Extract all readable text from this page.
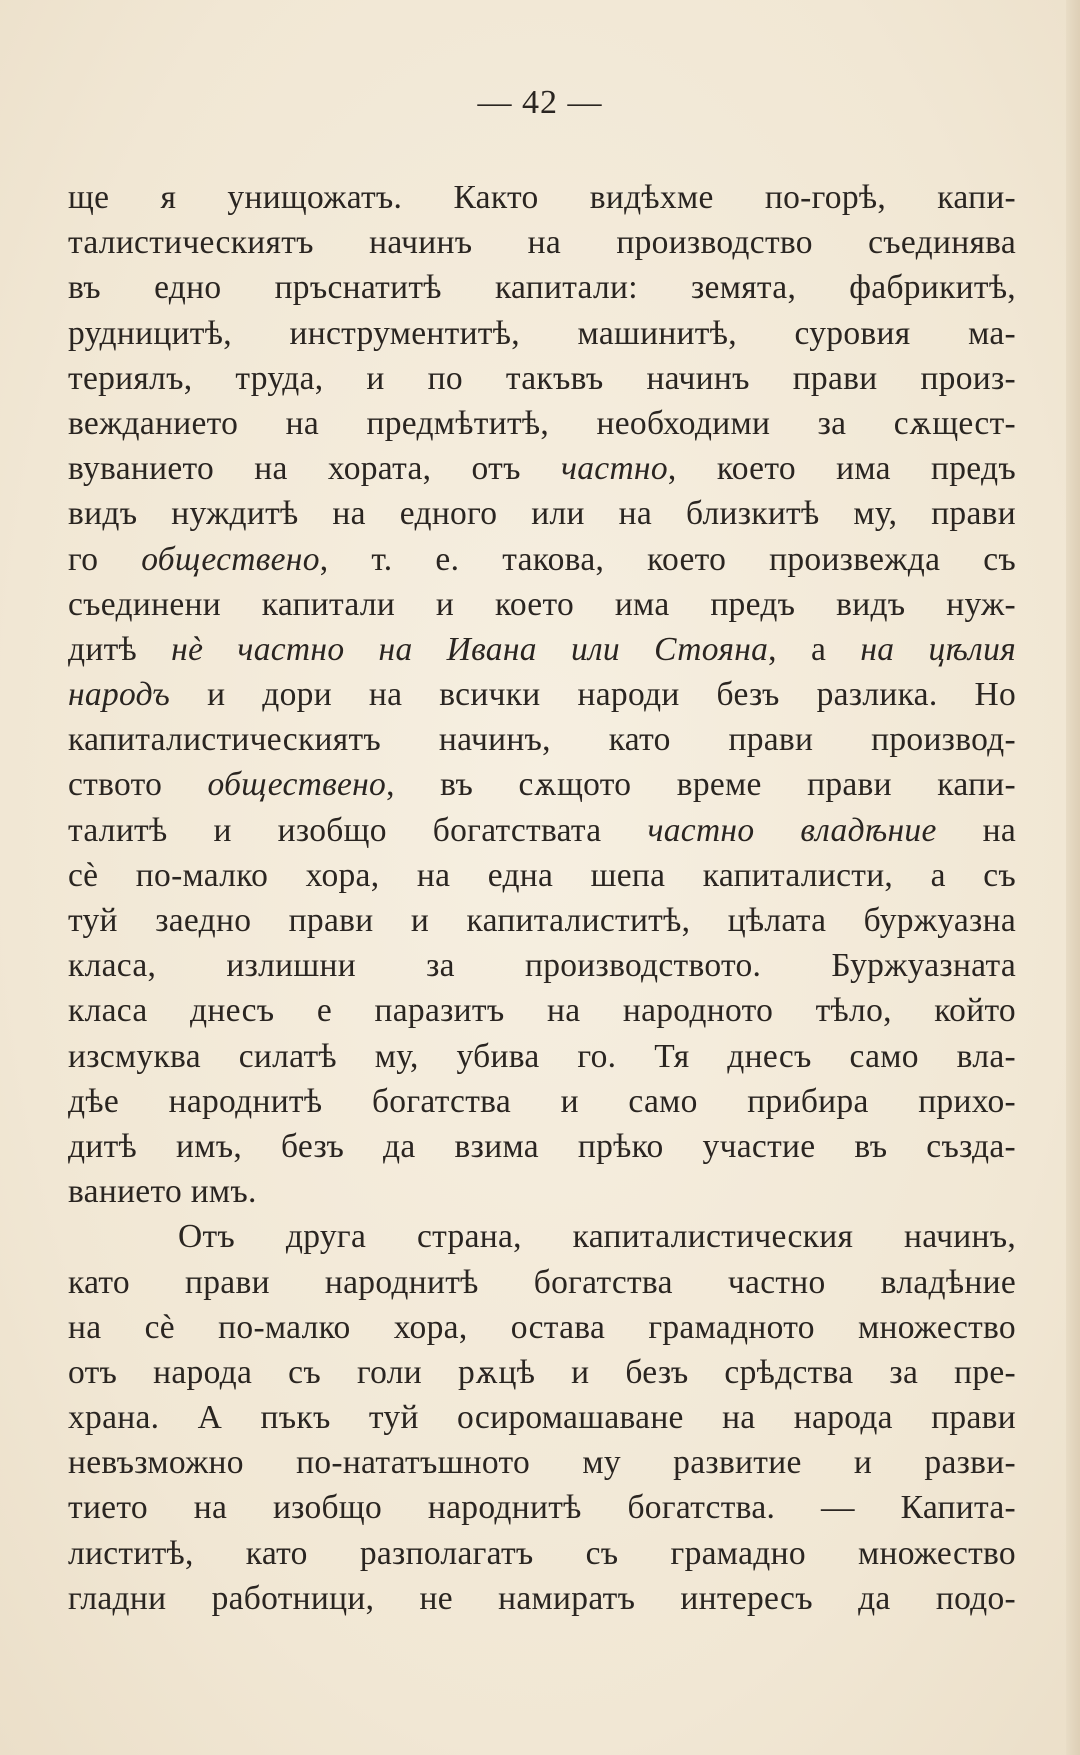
— 42 —
ще я унищожатъ. Както видѣхме по-горѣ, капи-
талистическиятъ начинъ на производство съединява
въ едно пръснатитѣ капитали: земята, фабрикитѣ,
рудницитѣ, инструментитѣ, машинитѣ, суровия ма-
териялъ, труда, и по такъвъ начинъ прави произ-
вежданието на предмѣтитѣ, необходими за сѫщест-
вуванието на хората, отъ частно, което има предъ
видъ нуждитѣ на едного или на близкитѣ му, прави
го обществено, т. е. такова, което произвежда съ
съединени капитали и което има предъ видъ нуж-
дитѣ нѐ частно на Ивана или Стояна, а на цѣлия
народъ и дори на всички народи безъ разлика. Но
капиталистическиятъ начинъ, като прави производ-
ството обществено, въ сѫщото време прави капи-
талитѣ и изобщо богатствата частно владѣние на
сѐ по-малко хора, на една шепа капиталисти, а съ
туй заедно прави и капиталиститѣ, цѣлата буржуазна
класа, излишни за производството. Буржуазната
класа днесъ е паразитъ на народното тѣло, който
изсмуква силатѣ му, убива го. Тя днесъ само вла-
дѣе народнитѣ богатства и само прибира прихо-
дитѣ имъ, безъ да взима прѣко участие въ създа-
ванието имъ.
Отъ друга страна, капиталистическия начинъ,
като прави народнитѣ богатства частно владѣние
на сѐ по-малко хора, остава грамадното множество
отъ народа съ голи рѫцѣ и безъ срѣдства за пре-
храна. А пъкъ туй осиромашаване на народа прави
невъзможно по-нататъшното му развитие и разви-
тието на изобщо народнитѣ богатства. — Капита-
листитѣ, като разполагатъ съ грамадно множество
гладни работници, не намиратъ интересъ да подо-
